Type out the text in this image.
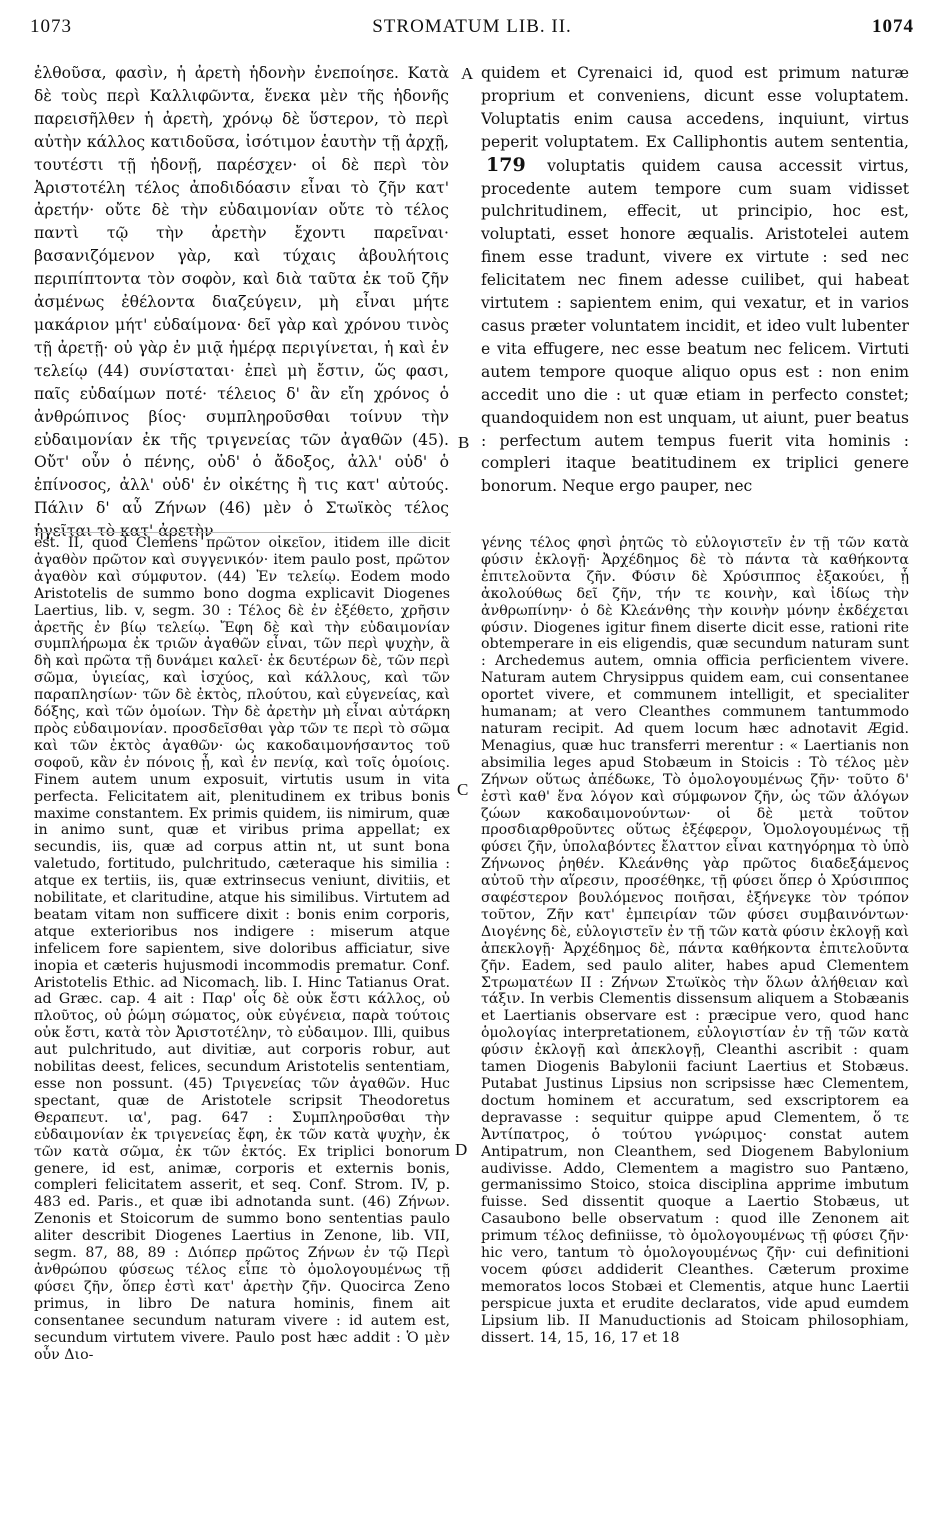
1073	STROMATUM LIB. II.	1074

ἐλθοῦσα, φασὶν, ἡ ἀρετὴ ἡδονὴν ἐνεποίησε. Κατὰ δὲ τοὺς περὶ Καλλιφῶντα, ἕνεκα μὲν τῆς ἡδονῆς παρεισῆλθεν ἡ ἀρετὴ, χρόνῳ δὲ ὕστερον, τὸ περὶ αὐτὴν κάλλος κατιδοῦσα, ἰσότιμον ἑαυτὴν τῇ ἀρχῇ, τουτέστι τῇ ἡδονῇ, παρέσχεν· οἱ δὲ περὶ τὸν Ἀριστοτέλη τέλος ἀποδιδόασιν εἶναι τὸ ζῆν κατ' ἀρετήν· οὔτε δὲ τὴν εὐδαιμονίαν οὔτε τὸ τέλος παντὶ τῷ τὴν ἀρετὴν ἔχοντι παρεῖναι· βασανιζόμενον γὰρ, καὶ τύχαις ἀβουλήτοις περιπίπτοντα τὸν σοφὸν, καὶ διὰ ταῦτα ἐκ τοῦ ζῆν ἀσμένως ἐθέλοντα διαζεύγειν, μὴ εἶναι μήτε μακάριον μήτ' εὐδαίμονα· δεῖ γὰρ καὶ χρόνου τινὸς τῇ ἀρετῇ· οὐ γὰρ ἐν μιᾷ ἡμέρᾳ περιγίνεται, ἡ καὶ ἐν τελείῳ (44) συνίσταται· ἐπεὶ μὴ ἔστιν, ὥς φασι, παῖς εὐδαίμων ποτέ· τέλειος δ' ἂν εἴη χρόνος ὁ ἀνθρώπινος βίος· συμπληροῦσθαι τοίνυν τὴν εὐδαιμονίαν ἐκ τῆς τριγενείας τῶν ἀγαθῶν (45). Οὔτ' οὖν ὁ πένης, οὐδ' ὁ ἄδοξος, ἀλλ' οὐδ' ὁ ἐπίνοσος, ἀλλ' οὐδ' ἐν οἰκέτης ἢ τις κατ' αὐτούς. Πάλιν δ' αὖ Ζήνων (46) μὲν ὁ Στωϊκὸς τέλος ἡγεῖται τὸ κατ' ἀρετὴν

quidem et Cyrenaici id, quod est primum naturæ proprium et conveniens, dicunt esse voluptatem. Voluptatis enim causa accedens, inquiunt, virtus peperit voluptatem. Ex Calliphontis autem sententia, 179 voluptatis quidem causa accessit virtus, procedente autem tempore cum suam vidisset pulchritudinem, effecit, ut principio, hoc est, voluptati, esset honore æqualis. Aristotelei autem finem esse tradunt, vivere ex virtute : sed nec felicitatem nec finem adesse cuilibet, qui habeat virtutem : sapientem enim, qui vexatur, et in varios casus præter voluntatem incidit, et ideo vult lubenter e vita effugere, nec esse beatum nec felicem. Virtuti autem tempore quoque aliquo opus est : non enim accedit uno die : ut quæ etiam in perfecto constet; quandoquidem non est unquam, ut aiunt, puer beatus : perfectum autem tempus fuerit vita hominis : compleri itaque beatitudinem ex triplici genere bonorum. Neque ergo pauper, nec

est. II, quod Clemens πρῶτον οἰκεῖον, itidem ille dicit ἀγαθὸν πρῶτον καὶ συγγενικόν· item paulo post, πρῶτον ἀγαθὸν καὶ σύμφυτον. (44) Ἐν τελείῳ. Eodem modo Aristotelis de summo bono dogma explicavit Diogenes Laertius, lib. v, segm. 30 : Τέλος δὲ ἐν ἐξέθετο, χρῆσιν ἀρετῆς ἐν βίῳ τελείῳ. Ἔφη δὲ καὶ τὴν εὐδαιμονίαν συμπλήρωμα ἐκ τριῶν ἀγαθῶν εἶναι, τῶν περὶ ψυχὴν, ἃ δὴ καὶ πρῶτα τῇ δυνάμει καλεῖ· ἐκ δευτέρων δὲ, τῶν περὶ σῶμα, ὑγιείας, καὶ ἰσχύος, καὶ κάλλους, καὶ τῶν παραπλησίων· τῶν δὲ ἐκτὸς, πλούτου, καὶ εὐγενείας, καὶ δόξης, καὶ τῶν ὁμοίων. Τὴν δὲ ἀρετὴν μὴ εἶναι αὐτάρκη πρὸς εὐδαιμονίαν. προσδεῖσθαι γὰρ τῶν τε περὶ τὸ σῶμα καὶ τῶν ἐκτὸς ἀγαθῶν· ὡς κακοδαιμονήσαντος τοῦ σοφοῦ, κἂν ἐν πόνοις ᾖ, καὶ ἐν πενίᾳ, καὶ τοῖς ὁμοίοις. Finem autem unum exposuit, virtutis usum in vita perfecta. Felicitatem ait, plenitudinem ex tribus bonis maxime constantem. Ex primis quidem, iis nimirum, quæ in animo sunt, quæ et viribus prima appellat; ex secundis, iis, quæ ad corpus attin nt, ut sunt bona valetudo, fortitudo, pulchritudo, cæteraque his similia : atque ex tertiis, iis, quæ extrinsecus veniunt, divitiis, et nobilitate, et claritudine, atque his similibus. Virtutem ad beatam vitam non sufficere dixit : bonis enim corporis, atque exterioribus nos indigere : miserum atque infelicem fore sapientem, sive doloribus afficiatur, sive inopia et cæteris hujusmodi incommodis prematur. Conf. Aristotelis Ethic. ad Nicomach. lib. I. Hinc Tatianus Orat. ad Græc. cap. 4 ait : Παρ' οἷς δὲ οὐκ ἔστι κάλλος, οὐ πλοῦτος, οὐ ῥώμη σώματος, οὐκ εὐγένεια, παρὰ τούτοις οὐκ ἔστι, κατὰ τὸν Ἀριστοτέλην, τὸ εὐδαιμον. Illi, quibus aut pulchritudo, aut divitiæ, aut corporis robur, aut nobilitas deest, felices, secundum Aristotelis sententiam, esse non possunt. (45) Τριγενείας τῶν ἀγαθῶν. Huc spectant, quæ de Aristotele scripsit Theodoretus Θεραπευτ. ια', pag. 647 : Συμπληροῦσθαι τὴν εὐδαιμονίαν ἐκ τριγενείας ἔφη, ἐκ τῶν κατὰ ψυχὴν, ἐκ τῶν κατὰ σῶμα, ἐκ τῶν ἐκτός. Ex triplici bonorum genere, id est, animæ, corporis et externis bonis, compleri felicitatem asserit, et seq. Conf. Strom. IV, p. 483 ed. Paris., et quæ ibi adnotanda sunt. (46) Ζήνων. Zenonis et Stoicorum de summo bono sententias paulo aliter describit Diogenes Laertius in Zenone, lib. VII, segm. 87, 88, 89 : Διόπερ πρῶτος Ζήνων ἐν τῷ Περὶ ἀνθρώπου φύσεως τέλος εἶπε τὸ ὁμολογουμένως τῇ φύσει ζῆν, ὅπερ ἐστὶ κατ' ἀρετὴν ζῆν. Quocirca Zeno primus, in libro De natura hominis, finem ait consentanee secundum naturam vivere : id autem est, secundum virtutem vivere. Paulo post hæc addit : Ὁ μὲν οὖν Διο-

γένης τέλος φησὶ ῥητῶς τὸ εὐλογιστεῖν ἐν τῇ τῶν κατὰ φύσιν ἐκλογῇ· Ἀρχέδημος δὲ τὸ πάντα τὰ καθήκοντα ἐπιτελοῦντα ζῆν. Φύσιν δὲ Χρύσιππος ἐξακούει, ᾗ ἀκολούθως δεῖ ζῆν, τήν τε κοινὴν, καὶ ἰδίως τὴν ἀνθρωπίνην· ὁ δὲ Κλεάνθης τὴν κοινὴν μόνην ἐκδέχεται φύσιν. Diogenes igitur finem diserte dicit esse, rationi rite obtemperare in eis eligendis, quæ secundum naturam sunt : Archedemus autem, omnia officia perficientem vivere. Naturam autem Chrysippus quidem eam, cui consentanee oportet vivere, et communem intelligit, et specialiter humanam; at vero Cleanthes communem tantummodo naturam recipit. Ad quem locum hæc adnotavit Ægid. Menagius, quæ huc transferri merentur : « Laertianis non absimilia leges apud Stobæum in Stoicis : Τὸ τέλος μὲν Ζήνων οὕτως ἀπέδωκε, Τὸ ὁμολογουμένως ζῆν· τοῦτο δ' ἐστὶ καθ' ἕνα λόγον καὶ σύμφωνον ζῆν, ὡς τῶν ἀλόγων ζώων κακοδαιμονούντων· οἱ δὲ μετὰ τοῦτον προσδιαρθροῦντες οὕτως ἐξέφερον, Ὁμολογουμένως τῇ φύσει ζῆν, ὑπολαβόντες ἔλαττον εἶναι κατηγόρημα τὸ ὑπὸ Ζήνωνος ῥηθέν. Κλεάνθης γὰρ πρῶτος διαδεξάμενος αὐτοῦ τὴν αἵρεσιν, προσέθηκε, τῇ φύσει ὅπερ ὁ Χρύσιππος σαφέστερον βουλόμενος ποιῆσαι, ἐξήνεγκε τὸν τρόπον τοῦτον, Ζῆν κατ' ἐμπειρίαν τῶν φύσει συμβαινόντων· Διογένης δὲ, εὐλογιστεῖν ἐν τῇ τῶν κατὰ φύσιν ἐκλογῇ καὶ ἀπεκλογῇ· Ἀρχέδημος δὲ, πάντα καθήκοντα ἐπιτελοῦντα ζῆν. Eadem, sed paulo aliter, habes apud Clementem Στρωματέων II : Ζήνων Στωϊκὸς τὴν ὅλων ἀλήθειαν καὶ τάξιν. In verbis Clementis dissensum aliquem a Stobæanis et Laertianis observare est : præcipue vero, quod hanc ὁμολογίας interpretationem, εὐλογιστίαν ἐν τῇ τῶν κατὰ φύσιν ἐκλογῇ καὶ ἀπεκλογῇ, Cleanthi ascribit : quam tamen Diogenis Babylonii faciunt Laertius et Stobæus. Putabat Justinus Lipsius non scripsisse hæc Clementem, doctum hominem et accuratum, sed exscriptorem ea depravasse : sequitur quippe apud Clementem, ὅ τε Ἀντίπατρος, ὁ τούτου γνώριμος· constat autem Antipatrum, non Cleanthem, sed Diogenem Babylonium audivisse. Addo, Clementem a magistro suo Pantæno, germanissimo Stoico, stoica disciplina apprime imbutum fuisse. Sed dissentit quoque a Laertio Stobæus, ut Casaubono belle observatum : quod ille Zenonem ait primum τέλος definiisse, τὸ ὁμολογουμένως τῇ φύσει ζῆν· hic vero, tantum τὸ ὁμολογουμένως ζῆν· cui definitioni vocem φύσει addiderit Cleanthes. Cæterum proxime memoratos locos Stobæi et Clementis, atque hunc Laertii perspicue juxta et erudite declaratos, vide apud eumdem Lipsium lib. II Manuductionis ad Stoicam philosophiam, dissert. 14, 15, 16, 17 et 18

A
B
C
D
